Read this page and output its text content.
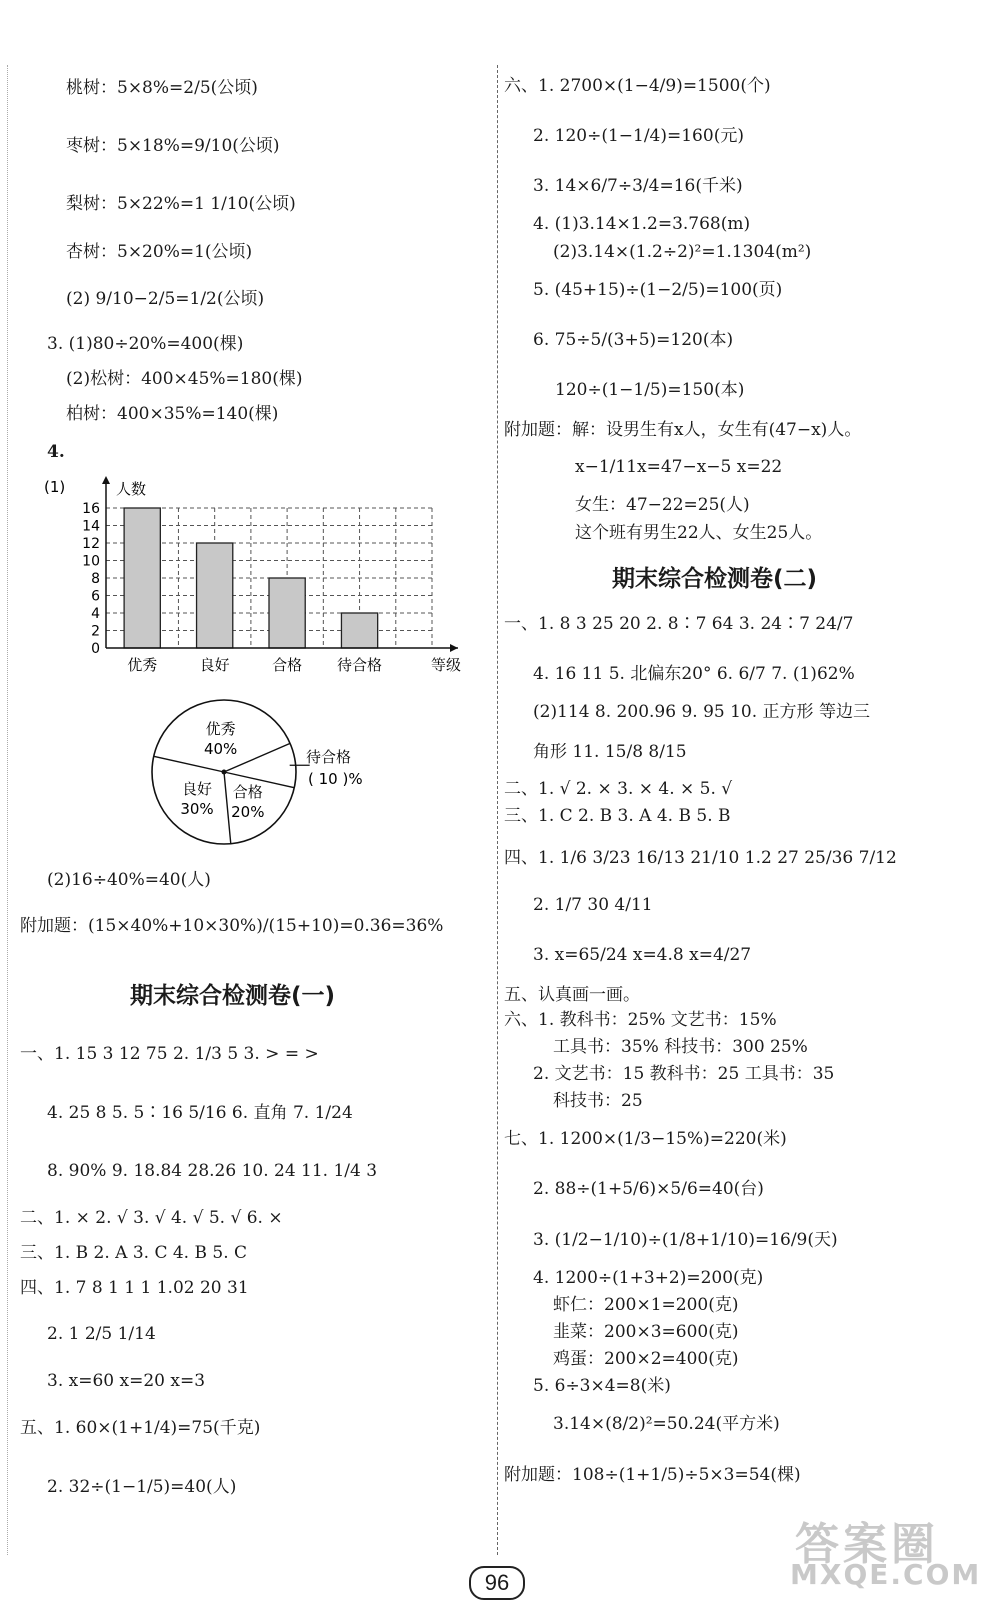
桃树：5×8%=2/5(公顷)
枣树：5×18%=9/10(公顷)
梨树：5×22%=1 1/10(公顷)
杏树：5×20%=1(公顷)
(2) 9/10−2/5=1/2(公顷)
3. (1)80÷20%=400(棵)
(2)松树：400×45%=180(棵)
柏树：400×35%=140(棵)
4.
(1)
0
2
4
6
8
10
12
14
16
优秀	良好	合格 待合格
人数
等级
优秀
40%	待合格
( 10 )%
合格
20%
良好
30%
(2)16÷40%=40(人)
附加题：(15×40%+10×30%)/(15+10)=0.36=36%
期末综合检测卷(一)
一、1. 15 3 12 75 2. 1/3 5 3. > = >
4. 25 8 5. 5∶16 5/16 6. 直角 7. 1/24
8. 90% 9. 18.84 28.26 10. 24 11. 1/4 3
二、1. × 2. √ 3. √ 4. √ 5. √ 6. ×
三、1. B 2. A 3. C 4. B 5. C
四、1. 7 8 1 1 1 1.02 20 31
2. 1 2/5 1/14
3. x=60 x=20 x=3
五、1. 60×(1+1/4)=75(千克)
2. 32÷(1−1/5)=40(人)
六、1. 2700×(1−4/9)=1500(个)
2. 120÷(1−1/4)=160(元)
3. 14×6/7÷3/4=16(千米)
4. (1)3.14×1.2=3.768(m)
(2)3.14×(1.2÷2)²=1.1304(m²)
5. (45+15)÷(1−2/5)=100(页)
6. 75÷5/(3+5)=120(本)
120÷(1−1/5)=150(本)
附加题：解：设男生有x人，女生有(47−x)人。
x−1/11x=47−x−5 x=22
女生：47−22=25(人)
这个班有男生22人、女生25人。
期末综合检测卷(二)
一、1. 8 3 25 20 2. 8∶7 64 3. 24∶7 24/7
4. 16 11 5. 北偏东20° 6. 6/7 7. (1)62%
(2)114 8. 200.96 9. 95 10. 正方形 等边三
角形 11. 15/8 8/15
二、1. √ 2. × 3. × 4. × 5. √
三、1. C 2. B 3. A 4. B 5. B
四、1. 1/6 3/23 16/13 21/10 1.2 27 25/36 7/12
2. 1/7 30 4/11
3. x=65/24 x=4.8 x=4/27
五、认真画一画。
六、1. 教科书：25% 文艺书：15%
工具书：35% 科技书：300 25%
2. 文艺书：15 教科书：25 工具书：35
科技书：25
七、1. 1200×(1/3−15%)=220(米)
2. 88÷(1+5/6)×5/6=40(台)
3. (1/2−1/10)÷(1/8+1/10)=16/9(天)
4. 1200÷(1+3+2)=200(克)
虾仁：200×1=200(克)
韭菜：200×3=600(克)
鸡蛋：200×2=400(克)
5. 6÷3×4=8(米)
3.14×(8/2)²=50.24(平方米)
附加题：108÷(1+1/5)÷5×3=54(棵)
96
答案圈
MXQE.COM
